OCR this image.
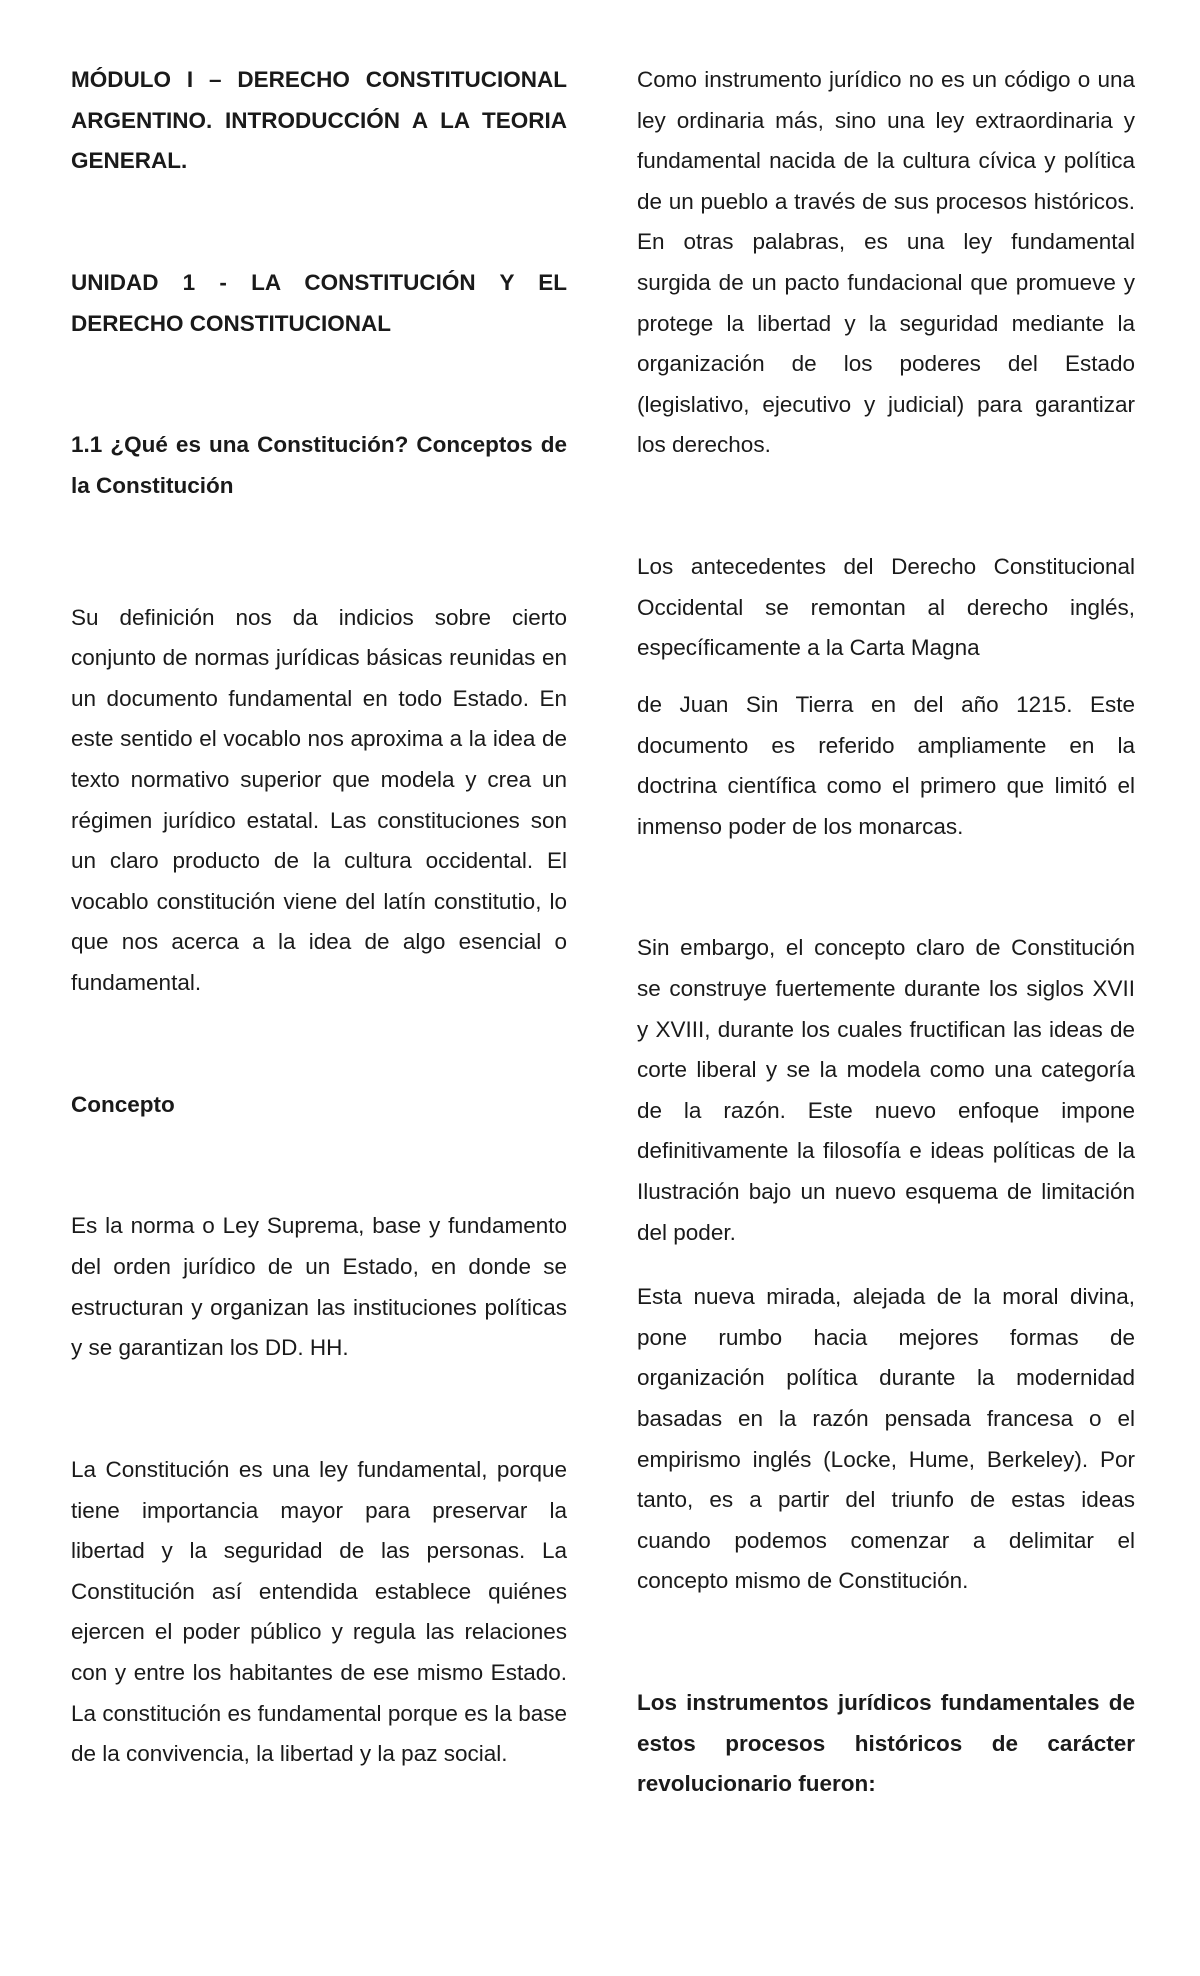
MÓDULO I – DERECHO CONSTITUCIONAL ARGENTINO. INTRODUCCIÓN A LA TEORIA GENERAL.

UNIDAD 1 - LA CONSTITUCIÓN Y EL DERECHO CONSTITUCIONAL

1.1 ¿Qué es una Constitución? Conceptos de la Constitución

Su definición nos da indicios sobre cierto conjunto de normas jurídicas básicas reunidas en un documento fundamental en todo Estado. En este sentido el vocablo nos aproxima a la idea de texto normativo superior que modela y crea un régimen jurídico estatal. Las constituciones son un claro producto de la cultura occidental. El vocablo constitución viene del latín constitutio, lo que nos acerca a la idea de algo esencial o fundamental.

Concepto

Es la norma o Ley Suprema, base y fundamento del orden jurídico de un Estado, en donde se estructuran y organizan las instituciones políticas y se garantizan los DD. HH.

La Constitución es una ley fundamental, porque tiene importancia mayor para preservar la libertad y la seguridad de las personas. La Constitución así entendida establece quiénes ejercen el poder público y regula las relaciones con y entre los habitantes de ese mismo Estado. La constitución es fundamental porque es la base de la convivencia, la libertad y la paz social.

Como instrumento jurídico no es un código o una ley ordinaria más, sino una ley extraordinaria y fundamental nacida de la cultura cívica y política de un pueblo a través de sus procesos históricos. En otras palabras, es una ley fundamental surgida de un pacto fundacional que promueve y protege la libertad y la seguridad mediante la organización de los poderes del Estado (legislativo, ejecutivo y judicial) para garantizar los derechos.

Los antecedentes del Derecho Constitucional Occidental se remontan al derecho inglés, específicamente a la Carta Magna

de Juan Sin Tierra en del año 1215. Este documento es referido ampliamente en la doctrina científica como el primero que limitó el inmenso poder de los monarcas.

Sin embargo, el concepto claro de Constitución se construye fuertemente durante los siglos XVII y XVIII, durante los cuales fructifican las ideas de corte liberal y se la modela como una categoría de la razón. Este nuevo enfoque impone definitivamente la filosofía e ideas políticas de la Ilustración bajo un nuevo esquema de limitación del poder.

Esta nueva mirada, alejada de la moral divina, pone rumbo hacia mejores formas de organización política durante la modernidad basadas en la razón pensada francesa o el empirismo inglés (Locke, Hume, Berkeley). Por tanto, es a partir del triunfo de estas ideas cuando podemos comenzar a delimitar el concepto mismo de Constitución.

Los instrumentos jurídicos fundamentales de estos procesos históricos de carácter revolucionario fueron:
